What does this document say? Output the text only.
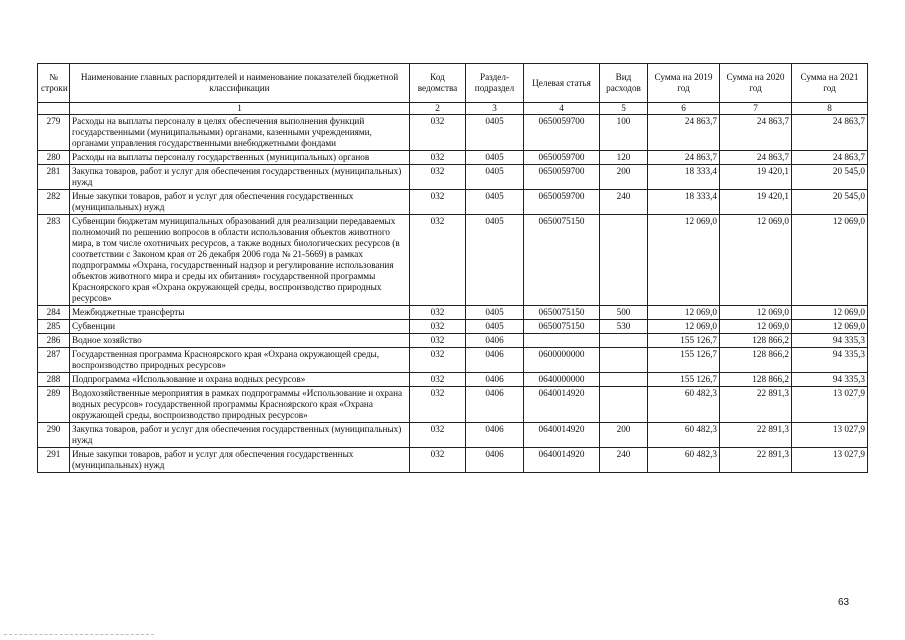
№ строки	Наименование главных распорядителей и наименование показателей бюджетной классификации	Код ведомства	Раздел-подраздел	Целевая статья	Вид расходов	Сумма на 2019 год	Сумма на 2020 год	Сумма на 2021 год
	1	2	3	4	5	6	7	8
279	Расходы на выплаты персоналу в целях обеспечения выполнения функций государственными (муниципальными) органами, казенными учреждениями, органами управления государственными внебюджетными фондами	032	0405	0650059700	100	24 863,7	24 863,7	24 863,7
280	Расходы на выплаты персоналу государственных (муниципальных) органов	032	0405	0650059700	120	24 863,7	24 863,7	24 863,7
281	Закупка товаров, работ и услуг для обеспечения государственных (муниципальных) нужд	032	0405	0650059700	200	18 333,4	19 420,1	20 545,0
282	Иные закупки товаров, работ и услуг для обеспечения государственных (муниципальных) нужд	032	0405	0650059700	240	18 333,4	19 420,1	20 545,0
283	Субвенции бюджетам муниципальных образований для реализации передаваемых полномочий по решению вопросов в области использования объектов животного мира, в том числе охотничьих ресурсов, а также водных биологических ресурсов (в соответствии с Законом края от 26 декабря 2006 года № 21-5669) в рамках подпрограммы «Охрана, государственный надзор и регулирование использования объектов животного мира и среды их обитания» государственной программы Красноярского края «Охрана окружающей среды, воспроизводство природных ресурсов»	032	0405	0650075150		12 069,0	12 069,0	12 069,0
284	Межбюджетные трансферты	032	0405	0650075150	500	12 069,0	12 069,0	12 069,0
285	Субвенции	032	0405	0650075150	530	12 069,0	12 069,0	12 069,0
286	Водное хозяйство	032	0406			155 126,7	128 866,2	94 335,3
287	Государственная программа Красноярского края «Охрана окружающей среды, воспроизводство природных ресурсов»	032	0406	0600000000		155 126,7	128 866,2	94 335,3
288	Подпрограмма «Использование и охрана водных ресурсов»	032	0406	0640000000		155 126,7	128 866,2	94 335,3
289	Водохозяйственные мероприятия в рамках подпрограммы «Использование и охрана водных ресурсов» государственной программы Красноярского края «Охрана окружающей среды, воспроизводство природных ресурсов»	032	0406	0640014920		60 482,3	22 891,3	13 027,9
290	Закупка товаров, работ и услуг для обеспечения государственных (муниципальных) нужд	032	0406	0640014920	200	60 482,3	22 891,3	13 027,9
291	Иные закупки товаров, работ и услуг для обеспечения государственных (муниципальных) нужд	032	0406	0640014920	240	60 482,3	22 891,3	13 027,9
63
